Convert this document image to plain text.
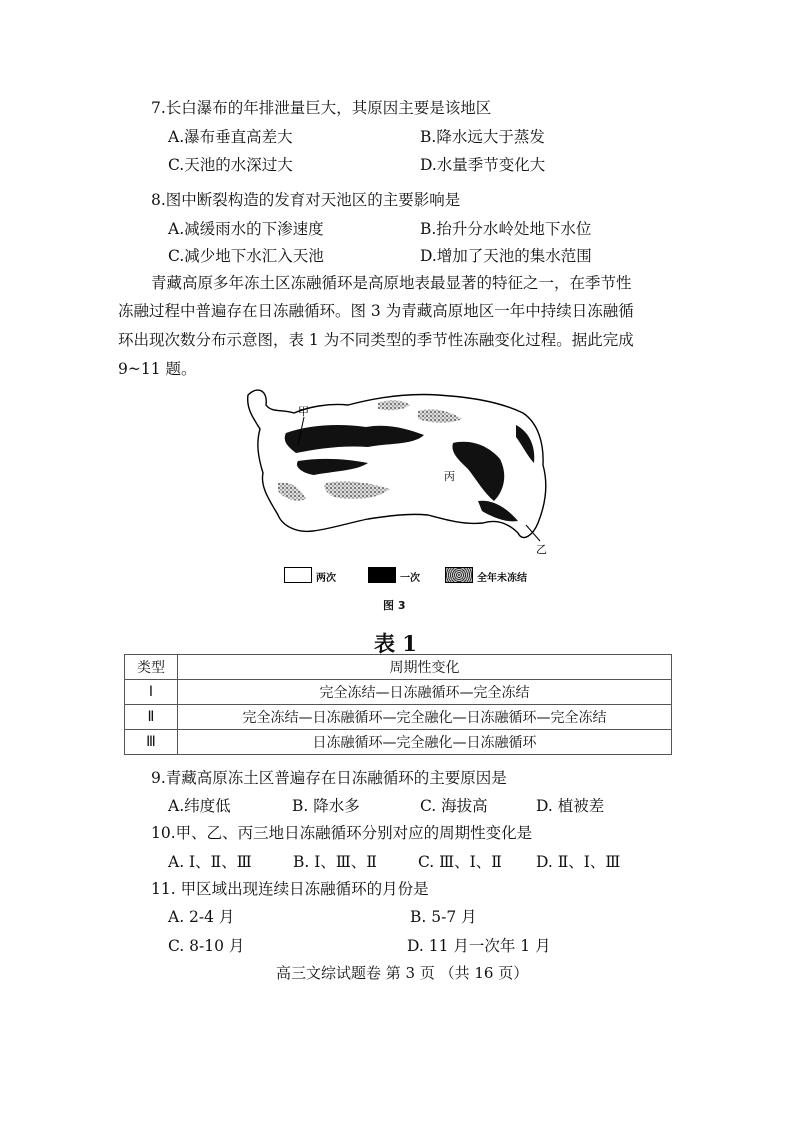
7.长白瀑布的年排泄量巨大，其原因主要是该地区
A.瀑布垂直高差大	B.降水远大于蒸发
C.天池的水深过大	D.水量季节变化大
8.图中断裂构造的发育对天池区的主要影响是
A.减缓雨水的下渗速度	B.抬升分水岭处地下水位
C.减少地下水汇入天池	D.增加了天池的集水范围
青藏高原多年冻土区冻融循环是高原地表最显著的特征之一，在季节性
冻融过程中普遍存在日冻融循环。图 3 为青藏高原地区一年中持续日冻融循
环出现次数分布示意图，表 1 为不同类型的季节性冻融变化过程。据此完成
9~11 题。
甲
丙
乙
两次	一次	全年未冻结
图 3
表 1
类型	周期性变化
Ⅰ	完全冻结—日冻融循环—完全冻结
Ⅱ	完全冻结—日冻融循环—完全融化—日冻融循环—完全冻结
Ⅲ	日冻融循环—完全融化—日冻融循环
9.青藏高原冻土区普遍存在日冻融循环的主要原因是
A.纬度低	B. 降水多	C. 海拔高	D. 植被差
10.甲、乙、丙三地日冻融循环分别对应的周期性变化是
A. Ⅰ、Ⅱ、Ⅲ	B. Ⅰ、Ⅲ、Ⅱ	C. Ⅲ、Ⅰ、Ⅱ D. Ⅱ、Ⅰ、Ⅲ
11. 甲区域出现连续日冻融循环的月份是
A. 2-4 月	B. 5-7 月
C. 8-10 月	D. 11 月一次年 1 月
高三文综试题卷 第 3 页 （共 16 页）
